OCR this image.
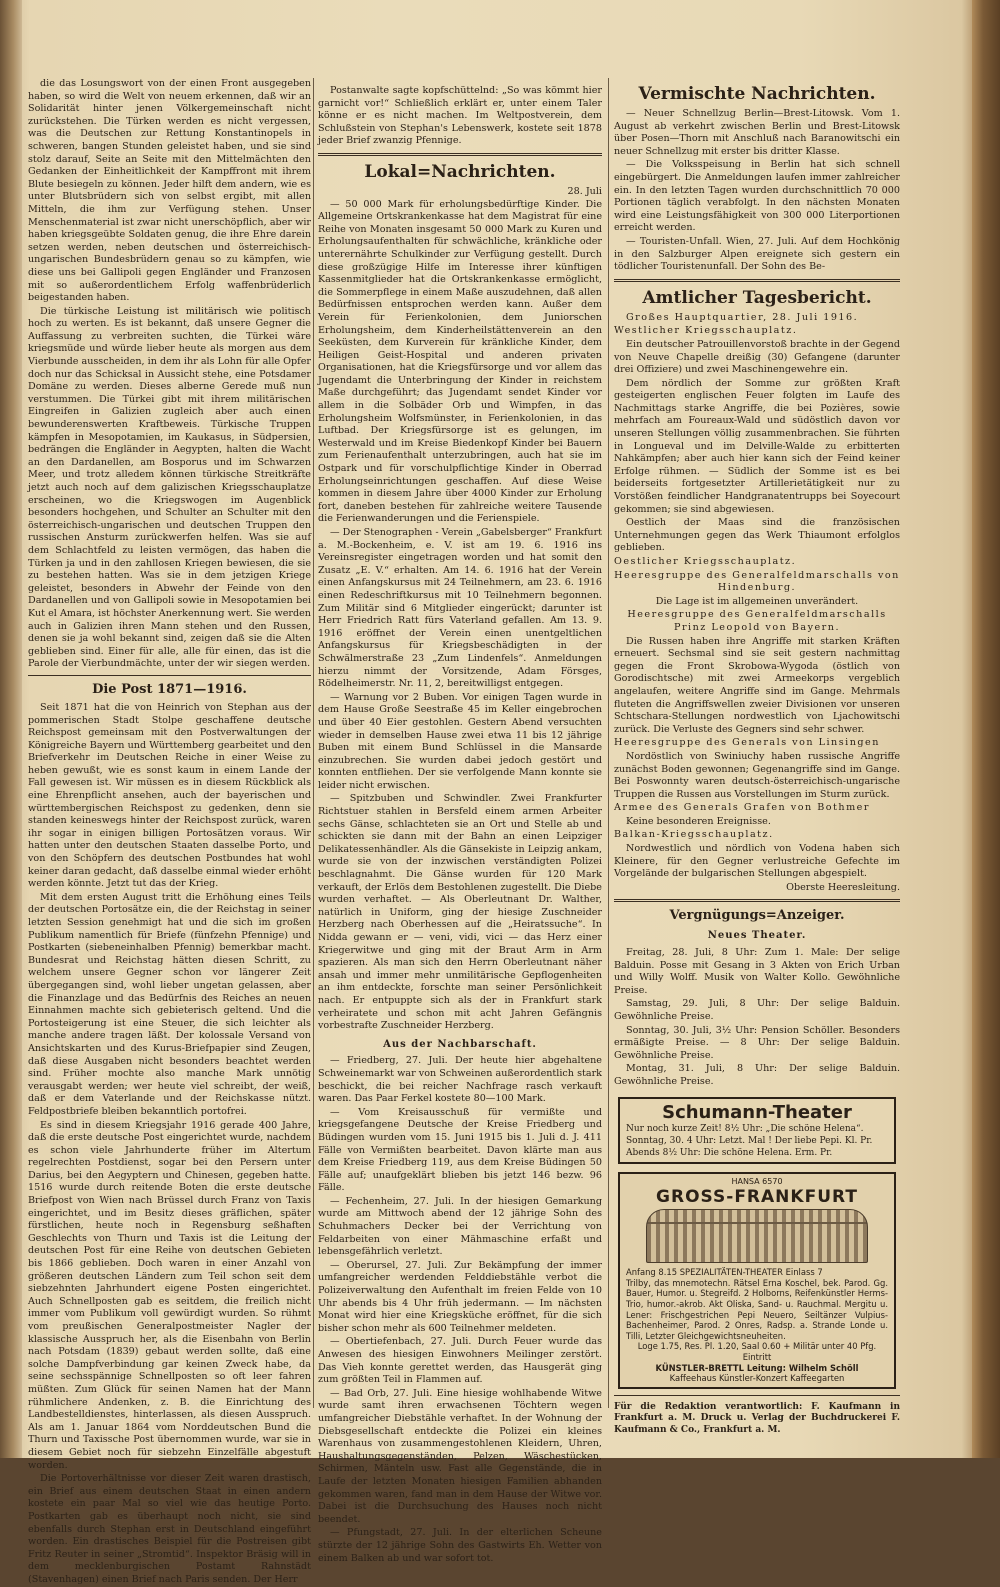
die das Losungswort von der einen Front ausgegeben haben, so wird die Welt von neuem erkennen, daß wir an Solidarität hinter jenen Völkergemeinschaft nicht zurückstehen. Die Türken werden es nicht vergessen, was die Deutschen zur Rettung Konstantinopels in schweren, bangen Stunden geleistet haben, und sie sind stolz darauf, Seite an Seite mit den Mittelmächten den Gedanken der Einheitlichkeit der Kampffront mit ihrem Blute besiegeln zu können. Jeder hilft dem andern, wie es unter Blutsbrüdern sich von selbst ergibt, mit allen Mitteln, die ihm zur Verfügung stehen. Unser Menschenmaterial ist zwar nicht unerschöpflich, aber wir haben kriegsgeübte Soldaten genug, die ihre Ehre darein setzen werden, neben deutschen und österreichisch-ungarischen Bundesbrüdern genau so zu kämpfen, wie diese uns bei Gallipoli gegen Engländer und Franzosen mit so außerordentlichem Erfolg waffenbrüderlich beigestanden haben.

Die türkische Leistung ist militärisch wie politisch hoch zu werten. Es ist bekannt, daß unsere Gegner die Auffassung zu verbreiten suchten, die Türkei wäre kriegsmüde und würde lieber heute als morgen aus dem Vierbunde ausscheiden, in dem ihr als Lohn für alle Opfer doch nur das Schicksal in Aussicht stehe, eine Potsdamer Domäne zu werden. Dieses alberne Gerede muß nun verstummen. Die Türkei gibt mit ihrem militärischen Eingreifen in Galizien zugleich aber auch einen bewunderenswerten Kraftbeweis. Türkische Truppen kämpfen in Mesopotamien, im Kaukasus, in Südpersien, bedrängen die Engländer in Aegypten, halten die Wacht an den Dardanellen, am Bosporus und im Schwarzen Meer, und trotz alledem können türkische Streitkräfte jetzt auch noch auf dem galizischen Kriegsschauplatze erscheinen, wo die Kriegswogen im Augenblick besonders hochgehen, und Schulter an Schulter mit den österreichisch-ungarischen und deutschen Truppen den russischen Ansturm zurückwerfen helfen. Was sie auf dem Schlachtfeld zu leisten vermögen, das haben die Türken ja und in den zahllosen Kriegen bewiesen, die sie zu bestehen hatten. Was sie in dem jetzigen Kriege geleistet, besonders in Abwehr der Feinde von den Dardanellen und von Gallipoli sowie in Mesopotamien bei Kut el Amara, ist höchster Anerkennung wert. Sie werden auch in Galizien ihren Mann stehen und den Russen, denen sie ja wohl bekannt sind, zeigen daß sie die Alten geblieben sind. Einer für alle, alle für einen, das ist die Parole der Vierbundmächte, unter der wir siegen werden.

Die Post 1871—1916.

Seit 1871 hat die von Heinrich von Stephan aus der pommerischen Stadt Stolpe geschaffene deutsche Reichspost gemeinsam mit den Postverwaltungen der Königreiche Bayern und Württemberg gearbeitet und den Briefverkehr im Deutschen Reiche in einer Weise zu heben gewußt, wie es sonst kaum in einem Lande der Fall gewesen ist. Wir müssen es in diesem Rückblick als eine Ehrenpflicht ansehen, auch der bayerischen und württembergischen Reichspost zu gedenken, denn sie standen keineswegs hinter der Reichspost zurück, waren ihr sogar in einigen billigen Portosätzen voraus. Wir hatten unter den deutschen Staaten dasselbe Porto, und von den Schöpfern des deutschen Postbundes hat wohl keiner daran gedacht, daß dasselbe einmal wieder erhöht werden könnte. Jetzt tut das der Krieg.

Mit dem ersten August tritt die Erhöhung eines Teils der deutschen Portosätze ein, die der Reichstag in seiner letzten Session genehmigt hat und die sich im großen Publikum namentlich für Briefe (fünfzehn Pfennige) und Postkarten (siebeneinhalben Pfennig) bemerkbar macht. Bundesrat und Reichstag hätten diesen Schritt, zu welchem unsere Gegner schon vor längerer Zeit übergegangen sind, wohl lieber ungetan gelassen, aber die Finanzlage und das Bedürfnis des Reiches an neuen Einnahmen machte sich gebieterisch geltend. Und die Portosteigerung ist eine Steuer, die sich leichter als manche andere tragen läßt. Der kolossale Versand von Ansichtskarten und des Kurus-Briefpapier sind Zeugen, daß diese Ausgaben nicht besonders beachtet werden sind. Früher mochte also manche Mark unnötig verausgabt werden; wer heute viel schreibt, der weiß, daß er dem Vaterlande und der Reichskasse nützt. Feldpostbriefe bleiben bekanntlich portofrei.

Es sind in diesem Kriegsjahr 1916 gerade 400 Jahre, daß die erste deutsche Post eingerichtet wurde, nachdem es schon viele Jahrhunderte früher im Altertum regelrechten Postdienst, sogar bei den Persern unter Darius, bei den Aegyptern und Chinesen, gegeben hatte. 1516 wurde durch reitende Boten die erste deutsche Briefpost von Wien nach Brüssel durch Franz von Taxis eingerichtet, und im Besitz dieses gräflichen, später fürstlichen, heute noch in Regensburg seßhaften Geschlechts von Thurn und Taxis ist die Leitung der deutschen Post für eine Reihe von deutschen Gebieten bis 1866 geblieben. Doch waren in einer Anzahl von größeren deutschen Ländern zum Teil schon seit dem siebzehnten Jahrhundert eigene Posten eingerichtet. Auch Schnellposten gab es seitdem, die freilich nicht immer vom Publikum voll gewürdigt wurden. So rühmt vom preußischen Generalpostmeister Nagler der klassische Ausspruch her, als die Eisenbahn von Berlin nach Potsdam (1839) gebaut werden sollte, daß eine solche Dampfverbindung gar keinen Zweck habe, da seine sechsspännige Schnellposten so oft leer fahren müßten. Zum Glück für seinen Namen hat der Mann rühmlichere Andenken, z. B. die Einrichtung des Landbestelldienstes, hinterlassen, als diesen Ausspruch. Als am 1. Januar 1864 vom Norddeutschen Bund die Thurn und Taxissche Post übernommen wurde, war sie in diesem Gebiet noch für siebzehn Einzelfälle abgestuft worden.

Die Portoverhältnisse vor dieser Zeit waren drastisch, ein Brief aus einem deutschen Staat in einen andern kostete ein paar Mal so viel wie das heutige Porto. Postkarten gab es überhaupt noch nicht, sie sind ebenfalls durch Stephan erst in Deutschland eingeführt worden. Ein drastisches Beispiel für die Postreisen gibt Fritz Reuter in seiner „Stromtid“. Inspektor Bräsig will in dem mecklenburgischen Postamt Rahnstädt (Stavenhagen) einen Brief nach Paris senden. Der Herr

Postanwalte sagte kopfschüttelnd: „So was kömmt hier garnicht vor!“ Schließlich erklärt er, unter einem Taler könne er es nicht machen. Im Weltpostverein, dem Schlußstein von Stephan's Lebenswerk, kostete seit 1878 jeder Brief zwanzig Pfennige.

Lokal=Nachrichten.
28. Juli

— 50 000 Mark für erholungsbedürftige Kinder. Die Allgemeine Ortskrankenkasse hat dem Magistrat für eine Reihe von Monaten insgesamt 50 000 Mark zu Kuren und Erholungsaufenthalten für schwächliche, kränkliche oder unterernährte Schulkinder zur Verfügung gestellt. Durch diese großzügige Hilfe im Interesse ihrer künftigen Kassenmitglieder hat die Ortskrankenkasse ermöglicht, die Sommerpflege in einem Maße auszudehnen, daß allen Bedürfnissen entsprochen werden kann. Außer dem Verein für Ferienkolonien, dem Juniorschen Erholungsheim, dem Kinderheilstättenverein an den Seeküsten, dem Kurverein für kränkliche Kinder, dem Heiligen Geist-Hospital und anderen privaten Organisationen, hat die Kriegsfürsorge und vor allem das Jugendamt die Unterbringung der Kinder in reichstem Maße durchgeführt; das Jugendamt sendet Kinder vor allem in die Solbäder Orb und Wimpfen, in das Erholungsheim Wolfsmünster, in Ferienkolonien, in das Luftbad. Der Kriegsfürsorge ist es gelungen, im Westerwald und im Kreise Biedenkopf Kinder bei Bauern zum Ferienaufenthalt unterzubringen, auch hat sie im Ostpark und für vorschulpflichtige Kinder in Oberrad Erholungseinrichtungen geschaffen. Auf diese Weise kommen in diesem Jahre über 4000 Kinder zur Erholung fort, daneben bestehen für zahlreiche weitere Tausende die Ferienwanderungen und die Ferienspiele.

— Der Stenographen - Verein „Gabelsberger“ Frankfurt a. M.-Bockenheim, e. V. ist am 19. 6. 1916 ins Vereinsregister eingetragen worden und hat somit den Zusatz „E. V.“ erhalten. Am 14. 6. 1916 hat der Verein einen Anfangskursus mit 24 Teilnehmern, am 23. 6. 1916 einen Redeschriftkursus mit 10 Teilnehmern begonnen. Zum Militär sind 6 Mitglieder eingerückt; darunter ist Herr Friedrich Ratt fürs Vaterland gefallen. Am 13. 9. 1916 eröffnet der Verein einen unentgeltlichen Anfangskursus für Kriegsbeschädigten in der Schwälmerstraße 23 „Zum Lindenfels“. Anmeldungen hierzu nimmt der Vorsitzende, Adam Försges, Rödelheimerstr. Nr. 11, 2, bereitwilligst entgegen.

— Warnung vor 2 Buben. Vor einigen Tagen wurde in dem Hause Große Seestraße 45 im Keller eingebrochen und über 40 Eier gestohlen. Gestern Abend versuchten wieder in demselben Hause zwei etwa 11 bis 12 jährige Buben mit einem Bund Schlüssel in die Mansarde einzubrechen. Sie wurden dabei jedoch gestört und konnten entfliehen. Der sie verfolgende Mann konnte sie leider nicht erwischen.

— Spitzbuben und Schwindler. Zwei Frankfurter Richtstuer stahlen in Bersfeld einem armen Arbeiter sechs Gänse, schlachteten sie an Ort und Stelle ab und schickten sie dann mit der Bahn an einen Leipziger Delikatessenhändler. Als die Gänsekiste in Leipzig ankam, wurde sie von der inzwischen verständigten Polizei beschlagnahmt. Die Gänse wurden für 120 Mark verkauft, der Erlös dem Bestohlenen zugestellt. Die Diebe wurden verhaftet. — Als Oberleutnant Dr. Walther, natürlich in Uniform, ging der hiesige Zuschneider Herzberg nach Oberhessen auf die „Heiratssuche“. In Nidda gewann er — veni, vidi, vici — das Herz einer Kriegerwitwe und ging mit der Braut Arm in Arm spazieren. Als man sich den Herrn Oberleutnant näher ansah und immer mehr unmilitärische Gepflogenheiten an ihm entdeckte, forschte man seiner Persönlichkeit nach. Er entpuppte sich als der in Frankfurt stark verheiratete und schon mit acht Jahren Gefängnis vorbestrafte Zuschneider Herzberg.

Aus der Nachbarschaft.

— Friedberg, 27. Juli. Der heute hier abgehaltene Schweinemarkt war von Schweinen außerordentlich stark beschickt, die bei reicher Nachfrage rasch verkauft waren. Das Paar Ferkel kostete 80—100 Mark.

— Vom Kreisausschuß für vermißte und kriegsgefangene Deutsche der Kreise Friedberg und Büdingen wurden vom 15. Juni 1915 bis 1. Juli d. J. 411 Fälle von Vermißten bearbeitet. Davon klärte man aus dem Kreise Friedberg 119, aus dem Kreise Büdingen 50 Fälle auf; unaufgeklärt blieben bis jetzt 146 bezw. 96 Fälle.

— Fechenheim, 27. Juli. In der hiesigen Gemarkung wurde am Mittwoch abend der 12 jährige Sohn des Schuhmachers Decker bei der Verrichtung von Feldarbeiten von einer Mähmaschine erfaßt und lebensgefährlich verletzt.

— Oberursel, 27. Juli. Zur Bekämpfung der immer umfangreicher werdenden Felddiebstähle verbot die Polizeiverwaltung den Aufenthalt im freien Felde von 10 Uhr abends bis 4 Uhr früh jedermann. — Im nächsten Monat wird hier eine Kriegsküche eröffnet, für die sich bisher schon mehr als 600 Teilnehmer meldeten.

— Obertiefenbach, 27. Juli. Durch Feuer wurde das Anwesen des hiesigen Einwohners Meilinger zerstört. Das Vieh konnte gerettet werden, das Hausgerät ging zum größten Teil in Flammen auf.

— Bad Orb, 27. Juli. Eine hiesige wohlhabende Witwe wurde samt ihren erwachsenen Töchtern wegen umfangreicher Diebstähle verhaftet. In der Wohnung der Diebsgesellschaft entdeckte die Polizei ein kleines Warenhaus von zusammengestohlenen Kleidern, Uhren, Haushaltungsgegenständen, Pelzen, Wäschestücken, Schirmen, Mänteln usw. Fast alle Gegenstände, die in Laufe der letzten Monaten hiesigen Familien abhanden gekommen waren, fand man in dem Hause der Witwe vor. Dabei ist die Durchsuchung des Hauses noch nicht beendet.

— Pfungstadt, 27. Juli. In der elterlichen Scheune stürzte der 12 jährige Sohn des Gastwirts Eh. Wetter von einem Balken ab und war sofort tot.

Vermischte Nachrichten.

— Neuer Schnellzug Berlin—Brest-Litowsk. Vom 1. August ab verkehrt zwischen Berlin und Brest-Litowsk über Posen—Thorn mit Anschluß nach Baranowitschi ein neuer Schnellzug mit erster bis dritter Klasse.

— Die Volksspeisung in Berlin hat sich schnell eingebürgert. Die Anmeldungen laufen immer zahlreicher ein. In den letzten Tagen wurden durchschnittlich 70 000 Portionen täglich verabfolgt. In den nächsten Monaten wird eine Leistungsfähigkeit von 300 000 Literportionen erreicht werden.

— Touristen-Unfall. Wien, 27. Juli. Auf dem Hochkönig in den Salzburger Alpen ereignete sich gestern ein tödlicher Touristenunfall. Der Sohn des Be-

Amtlicher Tagesbericht.

Großes Hauptquartier, 28. Juli 1916.

Westlicher Kriegsschauplatz.

Ein deutscher Patrouillenvorstoß brachte in der Gegend von Neuve Chapelle dreißig (30) Gefangene (darunter drei Offiziere) und zwei Maschinengewehre ein.

Dem nördlich der Somme zur größten Kraft gesteigerten englischen Feuer folgten im Laufe des Nachmittags starke Angriffe, die bei Pozières, sowie mehrfach am Foureaux-Wald und südöstlich davon vor unseren Stellungen völlig zusammenbrachen. Sie führten in Longueval und im Delville-Walde zu erbitterten Nahkämpfen; aber auch hier kann sich der Feind keiner Erfolge rühmen. — Südlich der Somme ist es bei beiderseits fortgesetzter Artillerietätigkeit nur zu Vorstößen feindlicher Handgranatentrupps bei Soyecourt gekommen; sie sind abgewiesen.

Oestlich der Maas sind die französischen Unternehmungen gegen das Werk Thiaumont erfolglos geblieben.

Oestlicher Kriegsschauplatz.

Heeresgruppe des Generalfeldmarschalls von Hindenburg.

Die Lage ist im allgemeinen unverändert.

Heeresgruppe des Generalfeldmarschalls Prinz Leopold von Bayern.

Die Russen haben ihre Angriffe mit starken Kräften erneuert. Sechsmal sind sie seit gestern nachmittag gegen die Front Skrobowa-Wygoda (östlich von Gorodischtsche) mit zwei Armeekorps vergeblich angelaufen, weitere Angriffe sind im Gange. Mehrmals fluteten die Angriffswellen zweier Divisionen vor unseren Schtschara-Stellungen nordwestlich von Ljachowitschi zurück. Die Verluste des Gegners sind sehr schwer.

Heeresgruppe des Generals von Linsingen

Nordöstlich von Swiniuchy haben russische Angriffe zunächst Boden gewonnen; Gegenangriffe sind im Gange. Bei Poswonnty waren deutsch-österreichisch-ungarische Truppen die Russen aus Vorstellungen im Sturm zurück.

Armee des Generals Grafen von Bothmer

Keine besonderen Ereignisse.

Balkan-Kriegsschauplatz.

Nordwestlich und nördlich von Vodena haben sich Kleinere, für den Gegner verlustreiche Gefechte im Vorgelände der bulgarischen Stellungen abgespielt.

Oberste Heeresleitung.

Vergnügungs=Anzeiger.
Neues Theater.

Freitag, 28. Juli, 8 Uhr: Zum 1. Male: Der selige Balduin. Posse mit Gesang in 3 Akten von Erich Urban und Willy Wolff. Musik von Walter Kollo. Gewöhnliche Preise.

Samstag, 29. Juli, 8 Uhr: Der selige Balduin. Gewöhnliche Preise.

Sonntag, 30. Juli, 3½ Uhr: Pension Schöller. Besonders ermäßigte Preise. — 8 Uhr: Der selige Balduin. Gewöhnliche Preise.

Montag, 31. Juli, 8 Uhr: Der selige Balduin. Gewöhnliche Preise.

Schumann-Theater
Nur noch kurze Zeit! 8½ Uhr: „Die schöne Helena“.
Sonntag, 30. 4 Uhr: Letzt. Mal ! Der liebe Pepi. Kl. Pr.
Abends 8½ Uhr: Die schöne Helena. Erm. Pr.
HANSA 6570
GROSS-FRANKFURT
Anfang 8.15 SPEZIALITÄTEN-THEATER Einlass 7
Trilby, das mnemotechn. Rätsel Erna Koschel, bek. Parod. Gg. Bauer, Humor. u. Stegreifd. 2 Holborns, Reifenkünstler Herms-Trio, humor.-akrob. Akt Oliska, Sand- u. Rauchmal. Mergitu u. Lener: Frischgestrichen Pepi Neuero, Seiltänzer Vulpius-Bachenheimer, Parod. 2 Onres, Radsp. a. Strande Londe u. Tilli, Letzter Gleichgewichtsneuheiten.
Loge 1.75, Res. Pl. 1.20, Saal 0.60 + Militär unter 40 Pfg. Eintritt
KÜNSTLER-BRETTL Leitung: Wilhelm Schöll
Kaffeehaus Künstler-Konzert Kaffeegarten
Für die Redaktion verantwortlich: F. Kaufmann in Frankfurt a. M. Druck u. Verlag der Buchdruckerei F. Kaufmann & Co., Frankfurt a. M.
